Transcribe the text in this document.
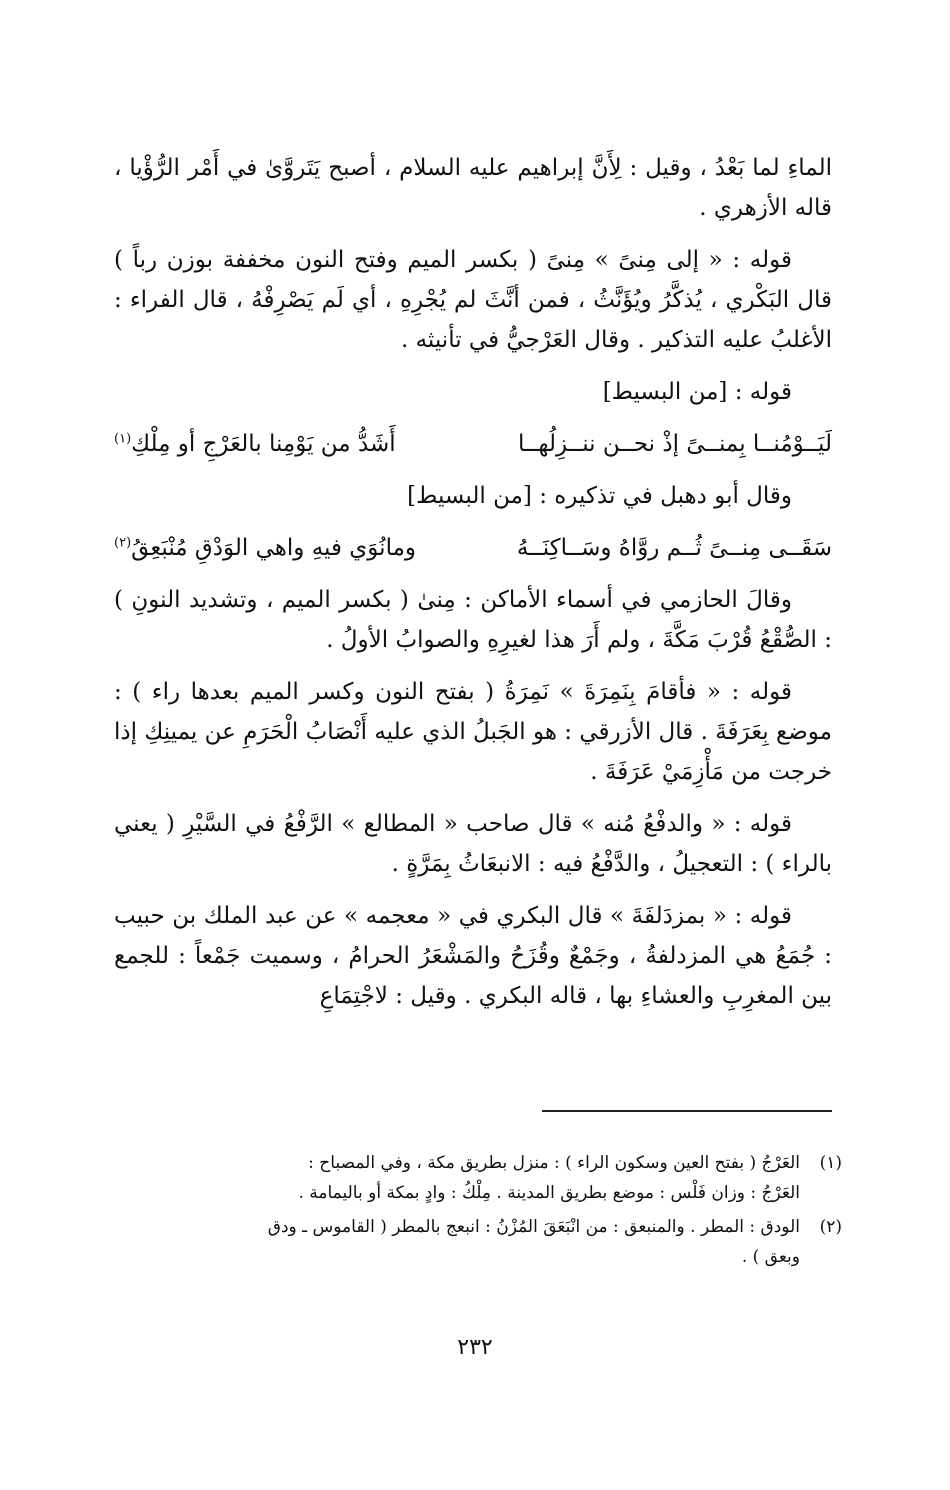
الماءِ لما بَعْدُ ، وقيل : لِأَنَّ إبراهيم عليه السلام ، أصبح يَتَروَّىٰ في أَمْر الرُّؤْيا ، قاله الأزهري .

قوله : « إلى مِنىً » مِنىً ( بكسر الميم وفتح النون مخففة بوزن رباً ) قال البَكْري ، يُذكَّرُ ويُؤَنَّثُ ، فمن أنَّثَ لم يُجْرِهِ ، أي لَم يَصْرِفْهُ ، قال الفراء : الأغلبُ عليه التذكير . وقال العَرْجيُّ في تأنيثه .

قوله : [من البسيط]

لَيَــوْمُنــا بِمنــىً إذْ نحــن ننــزِلُهــا
أَشَدُّ من يَوْمِنا بالعَرْجِ أو مِلْكِ$^{(١)}$

وقال أبو دهبل في تذكيره : [من البسيط]

سَقَــى مِنــىً ثُــم روَّاهُ وسَــاكِنَــهُ
ومانُوَي فيهِ واهي الوَدْقِ مُنْبَعِقُ$^{(٢)}$

وقالَ الحازمي في أسماء الأماكن : مِنىٰ ( بكسر الميم ، وتشديد النونِ ) : الصُّقْعُ قُرْبَ مَكَّةَ ، ولم أَرَ هذا لغيرِهِ والصوابُ الأولُ .

قوله : « فأقامَ بِنَمِرَةَ » نَمِرَةُ ( بفتح النون وكسر الميم بعدها راء ) : موضع بِعَرَفَةَ . قال الأزرقي : هو الجَبلُ الذي عليه أَنْصَابُ الْحَرَمِ عن يمينِكِ إذا خرجت من مَأْزِمَيْ عَرَفَةَ .

قوله : « والدفْعُ مُنه » قال صاحب « المطالع » الرَّفْعُ في السَّيْرِ ( يعني بالراء ) : التعجيلُ ، والدَّفْعُ فيه : الانبعَاثُ بِمَرَّةٍ .

قوله : « بمزدَلفَةَ » قال البكري في « معجمه » عن عبد الملك بن حبيب : جُمَعُ هي المزدلفةُ ، وجَمْعٌ وقُزَحُ والمَشْعَرُ الحرامُ ، وسميت جَمْعاً : للجمع بين المغرِبِ والعشاءِ بها ، قاله البكري . وقيل : لاجْتِمَاعِ

(١)
العَرْجُ ( بفتح العين وسكون الراء ) : منزل بطريق مكة ، وفي المصباح :
العَرْجُ : وزان فَلْس : موضع بطريق المدينة . مِلْكُ : وادٍ بمكة أو باليمامة .
(٢)
الودق : المطر . والمنبعق : من انْبَعَقَ المُزْنُ : انبعج بالمطر ( القاموس ـ ودق
وبعق ) .
٢٣٢
